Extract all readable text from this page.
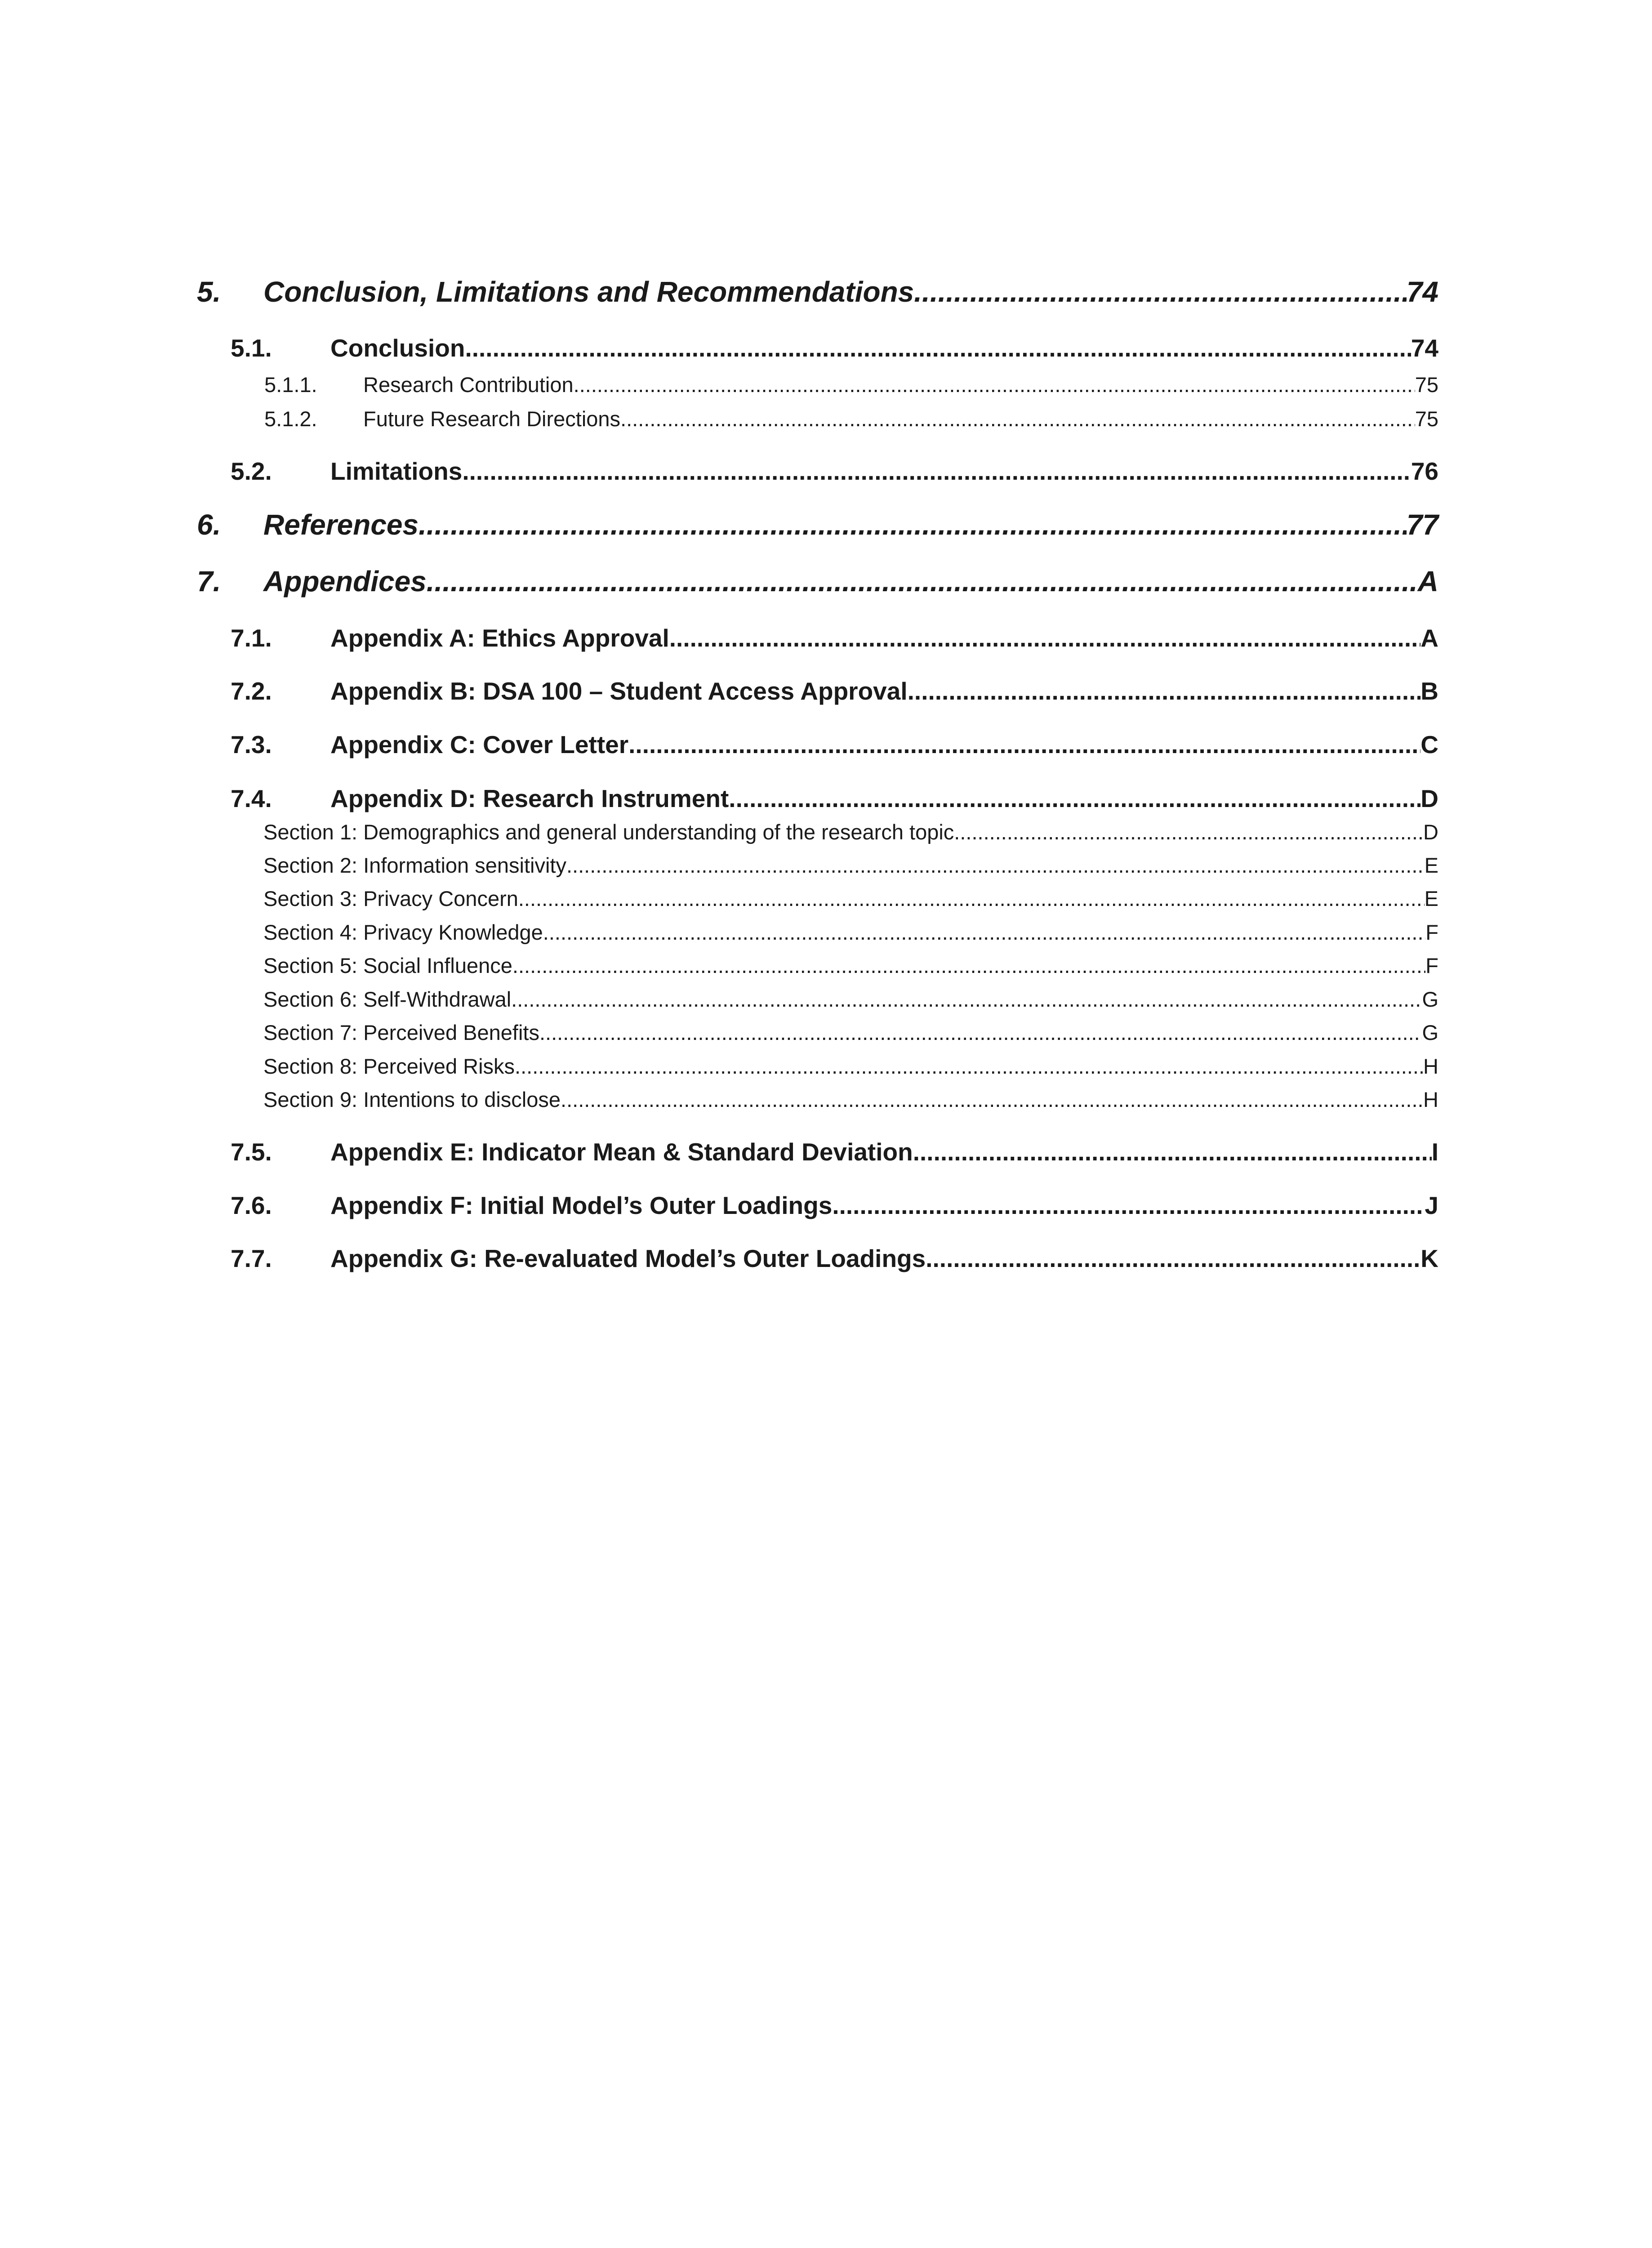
5.	Conclusion, Limitations and Recommendations .....	74
5.1.	Conclusion .....	74
5.1.1.	Research Contribution .....	75
5.1.2.	Future Research Directions .....	75
5.2.	Limitations .....	76
6.	References .....	77
7.	Appendices .....	A
7.1.	Appendix A: Ethics Approval .....	A
7.2.	Appendix B: DSA 100 – Student Access Approval .....	B
7.3.	Appendix C: Cover Letter .....	C
7.4.	Appendix D: Research Instrument .....	D
Section 1: Demographics and general understanding of the research topic .....	D
Section 2: Information sensitivity .....	E
Section 3: Privacy Concern .....	E
Section 4: Privacy Knowledge .....	F
Section 5: Social Influence .....	F
Section 6: Self-Withdrawal .....	G
Section 7: Perceived Benefits .....	G
Section 8: Perceived Risks .....	H
Section 9: Intentions to disclose .....	H
7.5.	Appendix E: Indicator Mean & Standard Deviation .....	I
7.6.	Appendix F: Initial Model’s Outer Loadings .....	J
7.7.	Appendix G: Re-evaluated Model’s Outer Loadings .....	K
